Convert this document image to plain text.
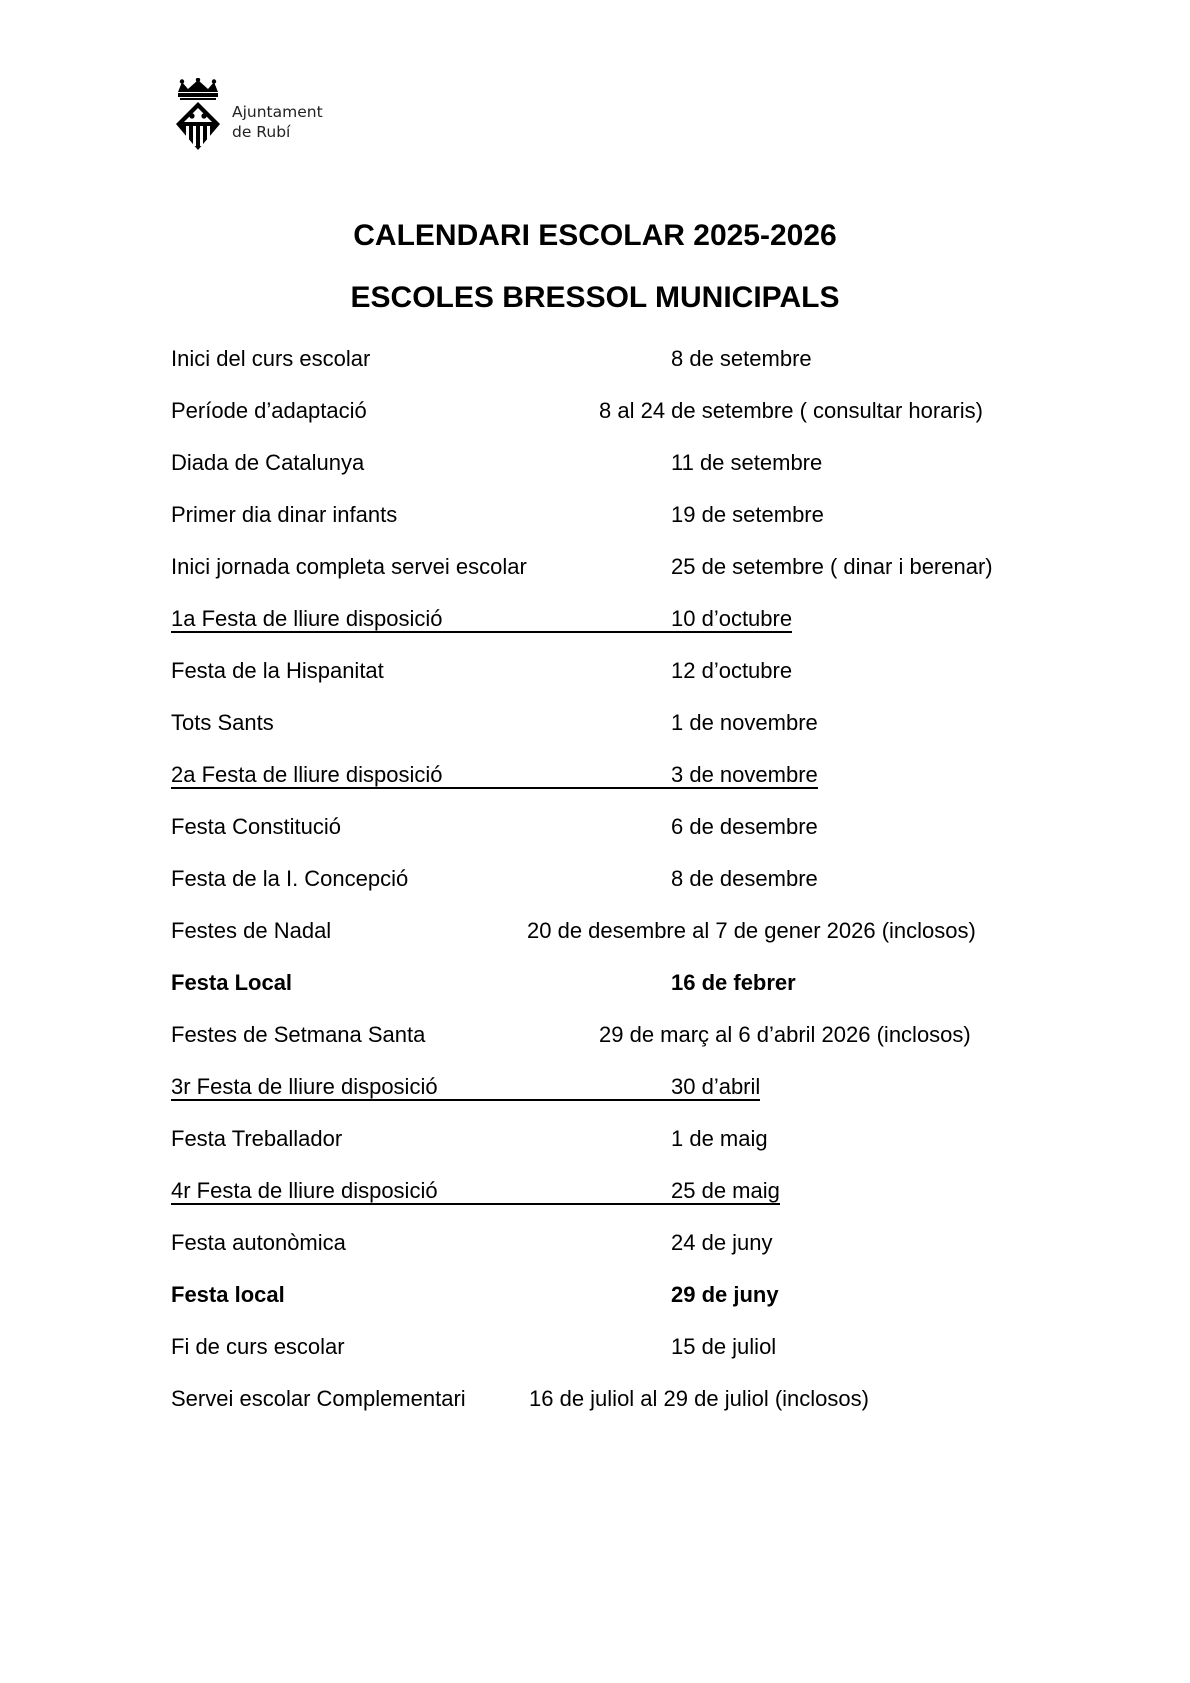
Ajuntament
de Rubí
CALENDARI ESCOLAR 2025-2026
ESCOLES BRESSOL MUNICIPALS
Inici del curs escolar	8 de setembre
Període d’adaptació	8 al 24 de setembre ( consultar horaris)
Diada de Catalunya	11 de setembre
Primer dia dinar infants	19 de setembre
Inici jornada completa servei escolar	25 de setembre ( dinar i berenar)
1a Festa de lliure disposició	10 d’octubre
Festa de la Hispanitat	12 d’octubre
Tots Sants	1 de novembre
2a Festa de lliure disposició	3 de novembre
Festa Constitució	6 de desembre
Festa de la I. Concepció	8 de desembre
Festes de Nadal	20 de desembre al 7 de gener 2026 (inclosos)
Festa Local	16 de febrer
Festes de Setmana Santa	29 de març al 6 d’abril 2026 (inclosos)
3r Festa de lliure disposició	30 d’abril
Festa Treballador	1 de maig
4r Festa de lliure disposició	25 de maig
Festa autonòmica	24 de juny
Festa local	29 de juny
Fi de curs escolar	15 de juliol
Servei escolar Complementari	16 de juliol al 29 de juliol (inclosos)
